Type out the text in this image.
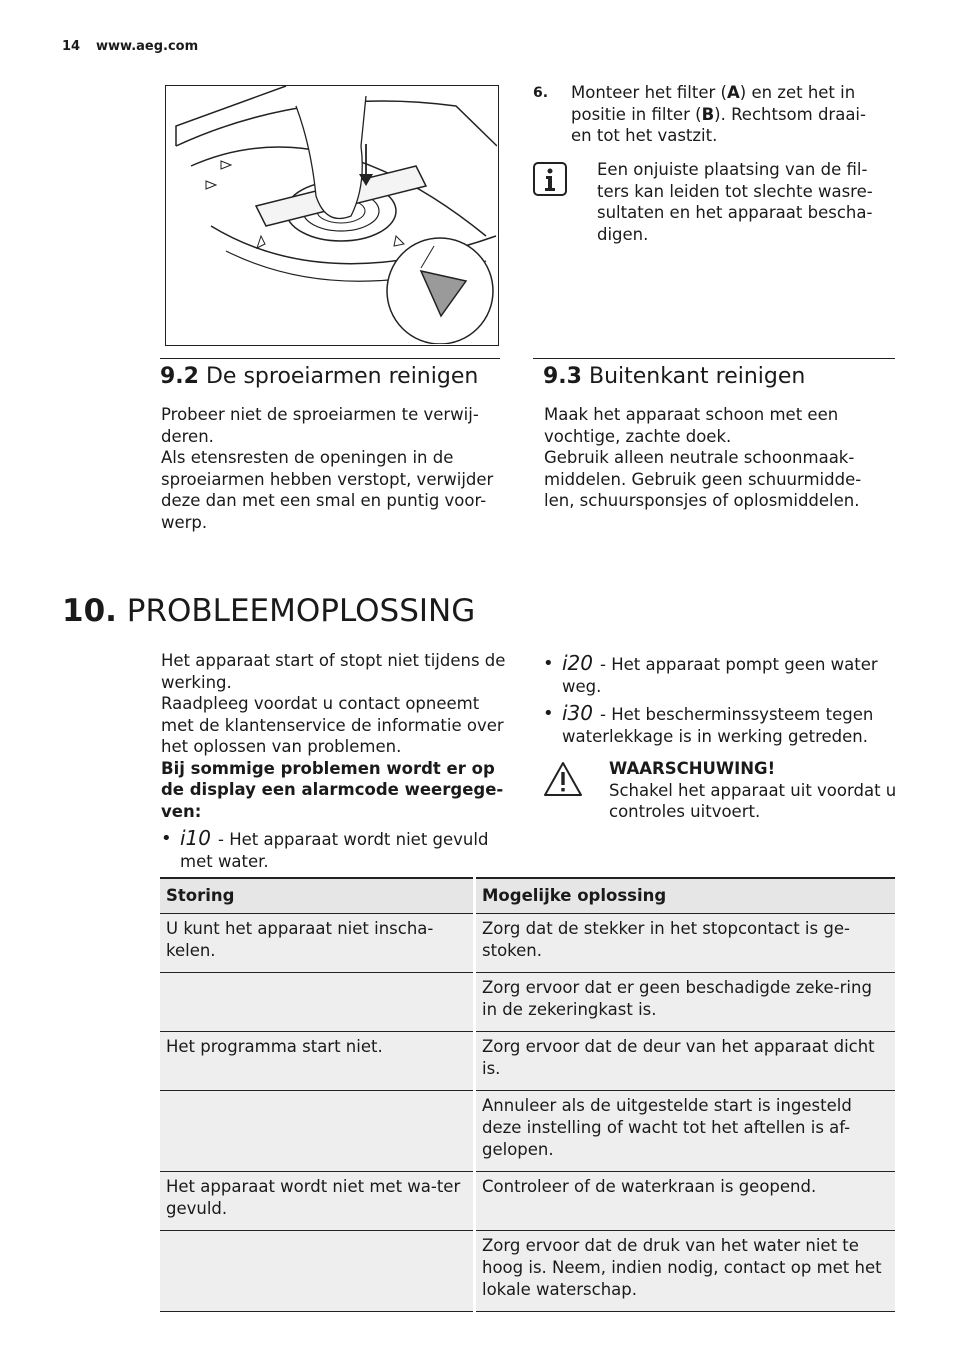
14 www.aeg.com
6. Monteer het filter (A) en zet het in positie in filter (B). Rechtsom draai-en tot het vastzit.
Een onjuiste plaatsing van de fil-ters kan leiden tot slechte wasre-sultaten en het apparaat bescha-digen.
9.2 De sproeiarmen reinigen
Probeer niet de sproeiarmen te verwij-deren.
Als etensresten de openingen in de sproeiarmen hebben verstopt, verwijder deze dan met een smal en puntig voor-werp.
9.3 Buitenkant reinigen
Maak het apparaat schoon met een vochtige, zachte doek.
Gebruik alleen neutrale schoonmaak-middelen. Gebruik geen schuurmidde-len, schuursponsjes of oplosmiddelen.
10. PROBLEEMOPLOSSING
Het apparaat start of stopt niet tijdens de werking.
Raadpleeg voordat u contact opneemt met de klantenservice de informatie over het oplossen van problemen.
Bij sommige problemen wordt er op de display een alarmcode weergege-ven:
• i10 - Het apparaat wordt niet gevuld met water.
• i20 - Het apparaat pompt geen water weg.
• i30 - Het bescherminssysteem tegen waterlekkage is in werking getreden.
WAARSCHUWING!
Schakel het apparaat uit voordat u controles uitvoert.
Storing		Mogelijke oplossing
U kunt het apparaat niet inscha-kelen.		Zorg dat de stekker in het stopcontact is ge-stoken.
		Zorg ervoor dat er geen beschadigde zeke-ring in de zekeringkast is.
Het programma start niet.		Zorg ervoor dat de deur van het apparaat dicht is.
		Annuleer als de uitgestelde start is ingesteld deze instelling of wacht tot het aftellen is af-gelopen.
Het apparaat wordt niet met wa-ter gevuld.		Controleer of de waterkraan is geopend.
		Zorg ervoor dat de druk van het water niet te hoog is. Neem, indien nodig, contact op met het lokale waterschap.
